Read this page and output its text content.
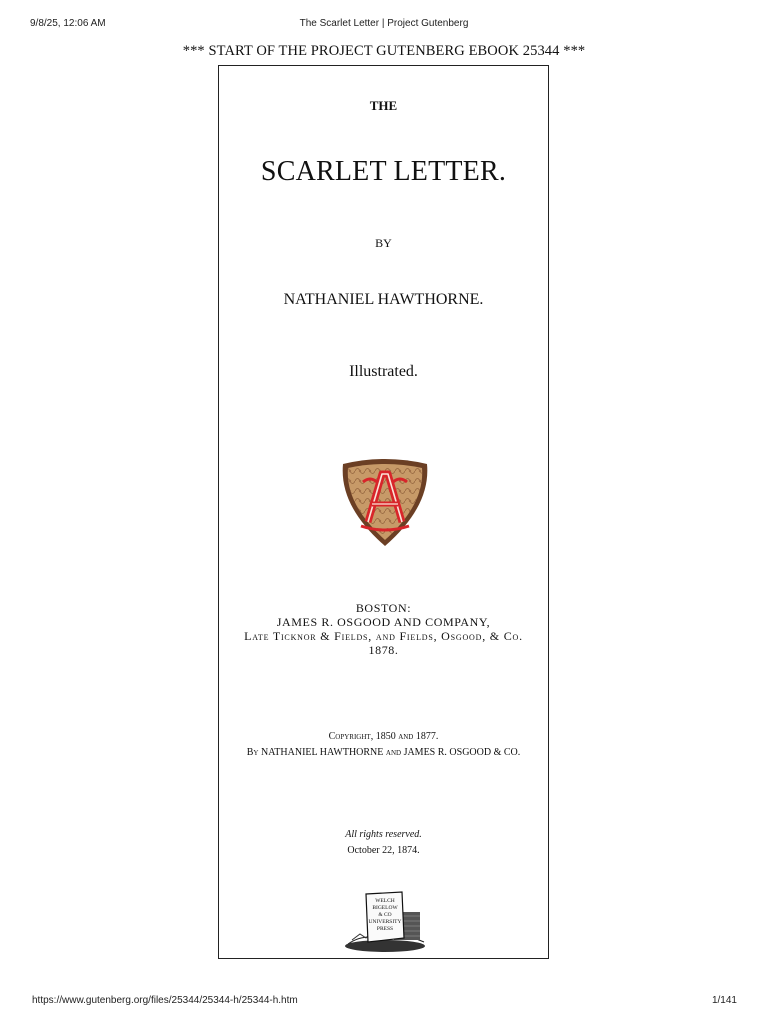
9/8/25, 12:06 AM	The Scarlet Letter | Project Gutenberg
*** START OF THE PROJECT GUTENBERG EBOOK 25344 ***
THE
SCARLET LETTER.
BY
NATHANIEL HAWTHORNE.
Illustrated.
BOSTON:
JAMES R. OSGOOD AND COMPANY,
Late Ticknor & Fields, and Fields, Osgood, & Co.
1878.
Copyright, 1850 and 1877.
By NATHANIEL HAWTHORNE and JAMES R. OSGOOD & CO.
All rights reserved.
October 22, 1874.
WELCH
BIGELOW
& CO
UNIVERSITY
PRESS
https://www.gutenberg.org/files/25344/25344-h/25344-h.htm	1/141
